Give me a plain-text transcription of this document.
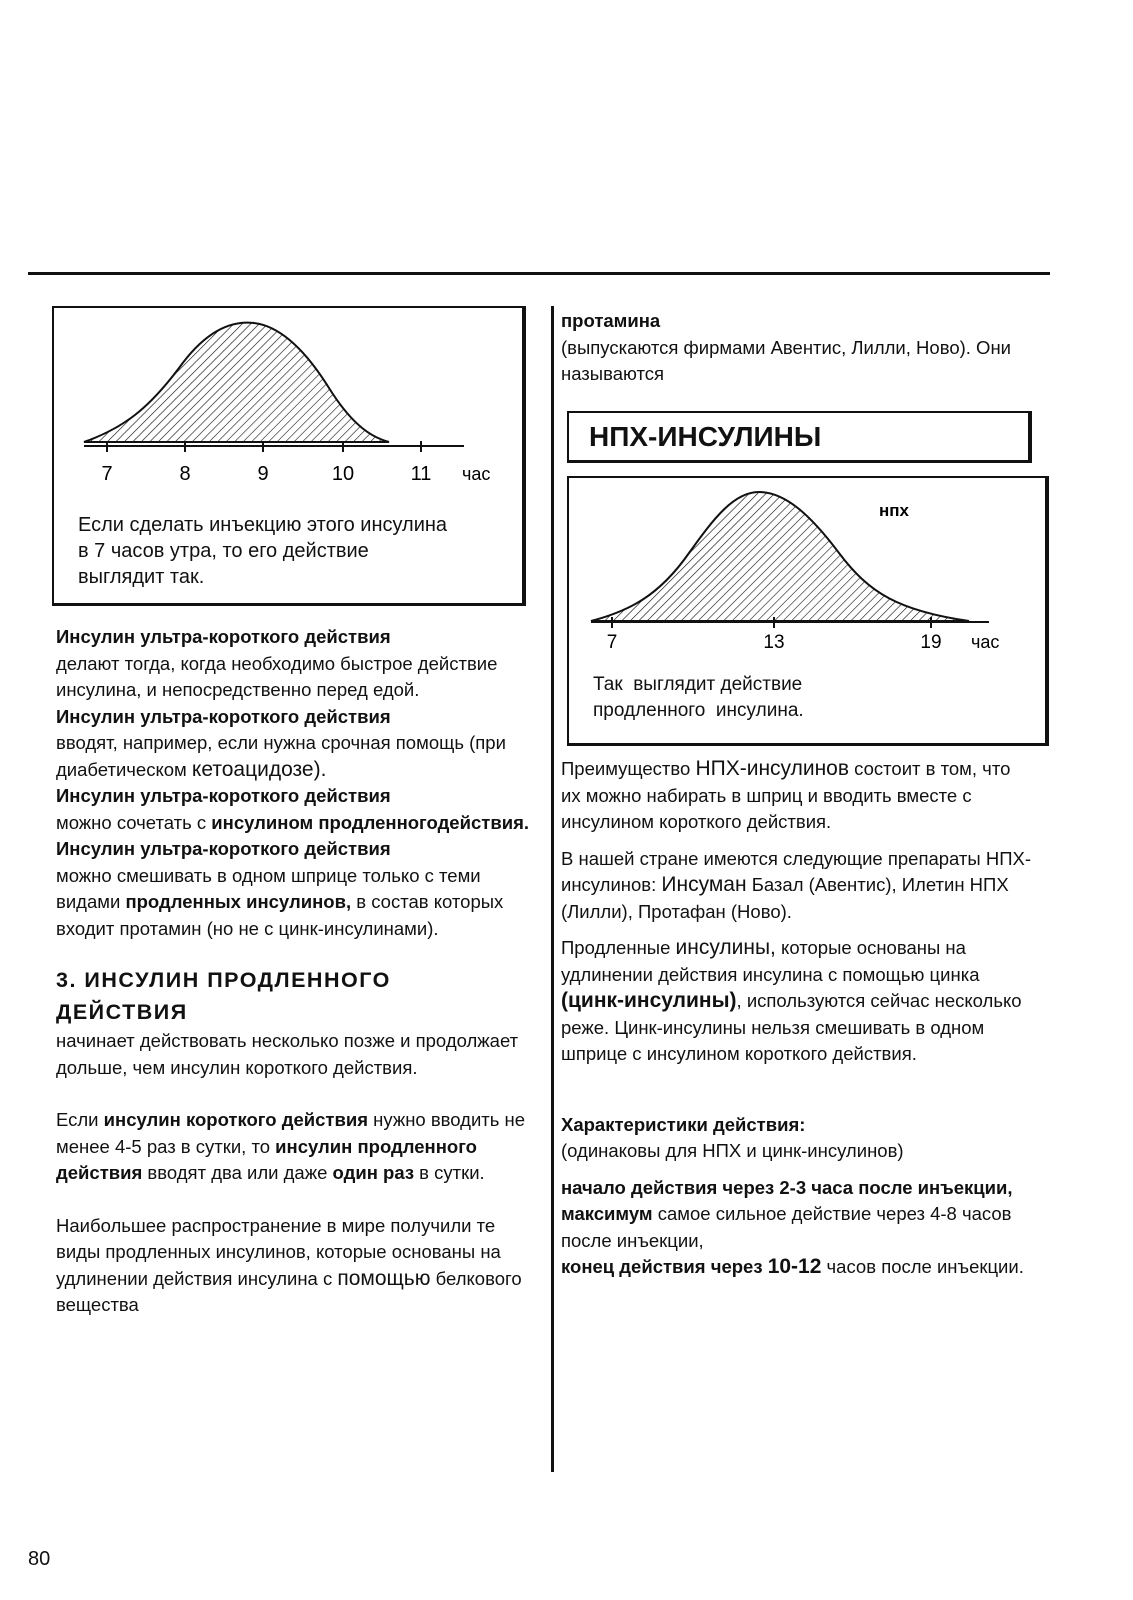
7	8	9	10	11 час
Если сделать инъекцию этого инсулина
в 7 часов утра, то его действие
выглядит так.

Инсулин ультра-короткого действия
делают тогда, когда необходимо быстрое действие инсулина, и непосредственно перед едой.

Инсулин ультра-короткого действия
вводят, например, если нужна срочная помощь (при диабетическом кетоацидозе).

Инсулин ультра-короткого действия
можно сочетать с инсулином продленногодействия.

Инсулин ультра-короткого действия
можно смешивать в одном шприце только с теми видами продленных инсулинов, в состав которых входит протамин (но не с цинк-инсулинами).

3. ИНСУЛИН ПРОДЛЕННОГО
ДЕЙСТВИЯ

начинает действовать несколько позже и продолжает дольше, чем инсулин короткого действия.

Если инсулин короткого действия нужно вводить не менее 4-5 раз в сутки, то инсулин продленного действия вводят два или даже один раз в сутки.

Наибольшее распространение в мире получили те виды продленных инсулинов, которые основаны на удлинении действия инсулина с помощью белкового вещества

протамина

(выпускаются фирмами Авентис, Лилли, Ново). Они называются

НПХ-ИНСУЛИНЫ
нпх
7	13	19 час
Так  выглядит действие
продленного  инсулина.

Преимущество НПХ-инсулинов состоит в том, что их можно набирать в шприц и вводить вместе с инсулином короткого действия.

В нашей стране имеются следующие препараты НПХ-инсулинов: Инсуман Базал (Авентис), Илетин НПХ (Лилли), Протафан (Ново).

Продленные инсулины, которые основаны на удлинении действия инсулина с помощью цинка (цинк-инсулины), используются сейчас несколько реже. Цинк-инсулины нельзя смешивать в одном шприце с инсулином короткого действия.

Характеристики действия:

(одинаковы для НПХ и цинк-инсулинов)

начало действия через 2-3 часа после инъекции,

максимум самое сильное действие через 4-8 часов после инъекции,

конец действия через 10-12 часов после инъекции.

80
